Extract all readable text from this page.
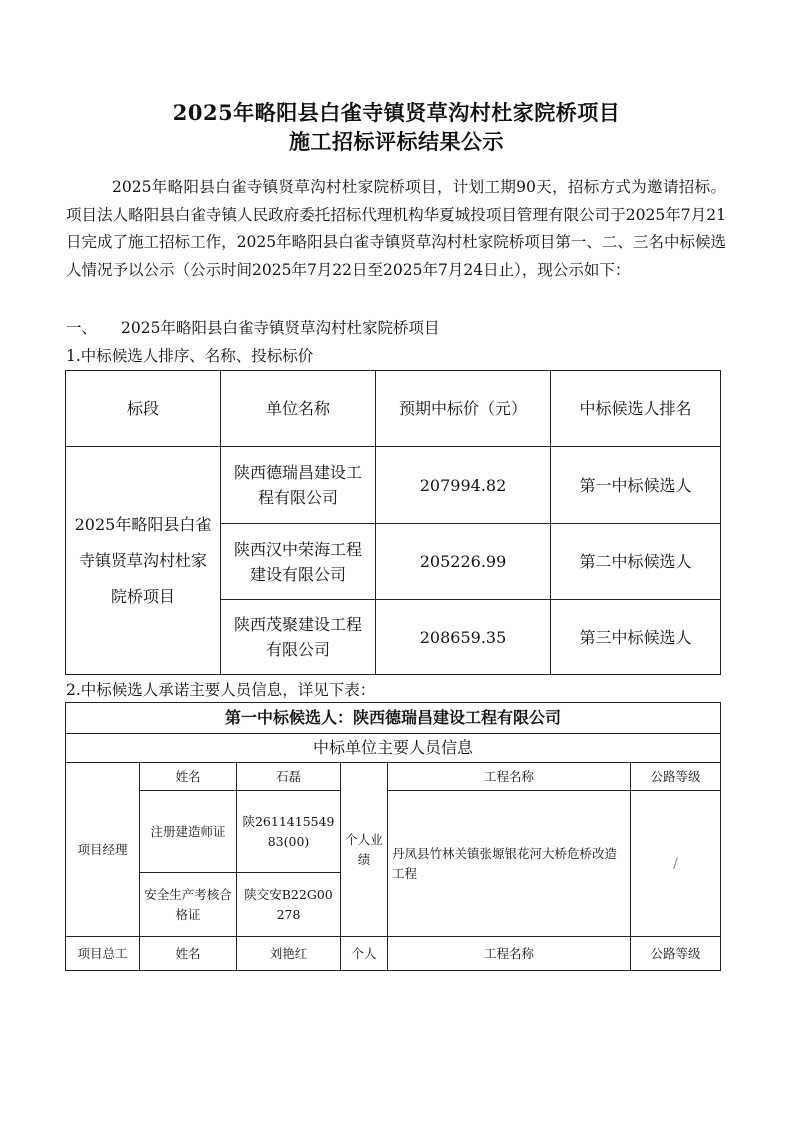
2025年略阳县白雀寺镇贤草沟村杜家院桥项目
施工招标评标结果公示

2025年略阳县白雀寺镇贤草沟村杜家院桥项目，计划工期90天，招标方式为邀请招标。项目法人略阳县白雀寺镇人民政府委托招标代理机构华夏城投项目管理有限公司于2025年7月21日完成了施工招标工作，2025年略阳县白雀寺镇贤草沟村杜家院桥项目第一、二、三名中标候选人情况予以公示（公示时间2025年7月22日至2025年7月24日止），现公示如下：

一、 2025年略阳县白雀寺镇贤草沟村杜家院桥项目
1.中标候选人排序、名称、投标标价
标段	单位名称	预期中标价（元）	中标候选人排名
2025年略阳县白雀寺镇贤草沟村杜家院桥项目	陕西德瑞昌建设工程有限公司	207994.82	第一中标候选人
	陕西汉中荣海工程建设有限公司	205226.99	第二中标候选人
	陕西茂聚建设工程有限公司	208659.35	第三中标候选人
2.中标候选人承诺主要人员信息，详见下表：
第一中标候选人：陕西德瑞昌建设工程有限公司					
中标单位主要人员信息					
项目经理	姓名	石磊	个人业绩	工程名称	公路等级
	注册建造师证	陕261141554983(00)		丹凤县竹林关镇张塬银花河大桥危桥改造工程	/
	安全生产考核合格证	陕交安B22G00278			
项目总工	姓名	刘艳红	个人	工程名称	公路等级
